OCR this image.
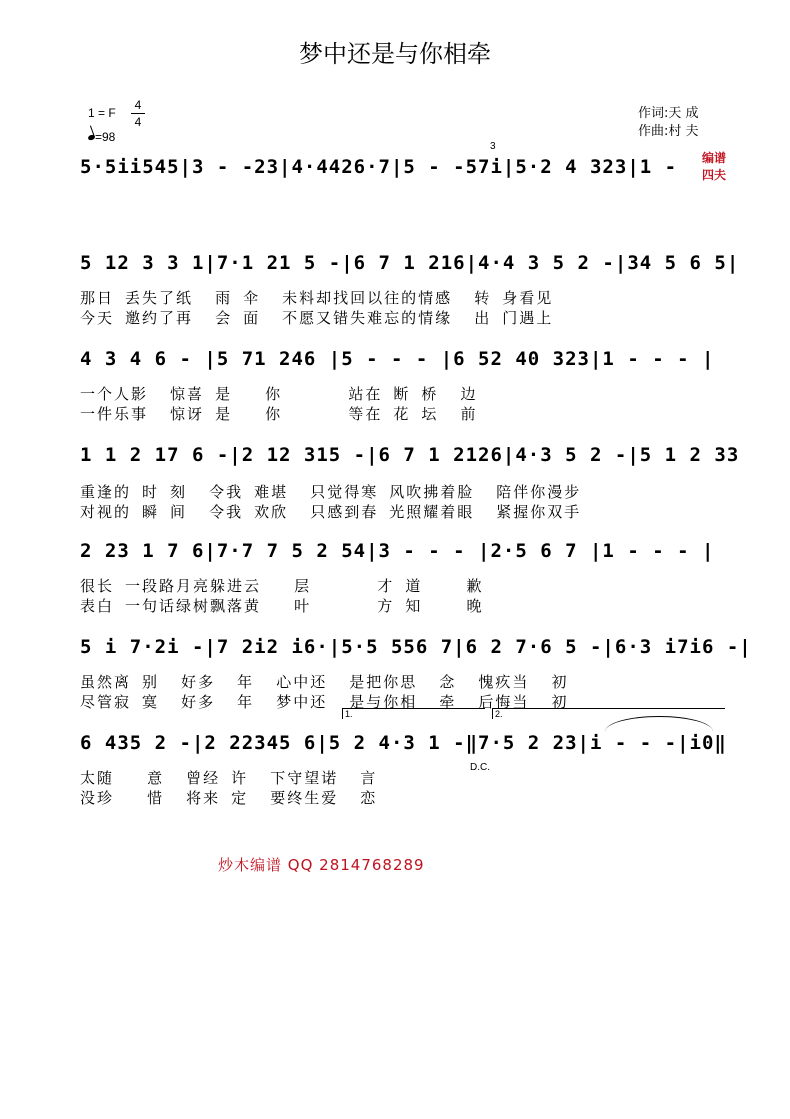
梦中还是与你相牵
1 = F
4
4
=98
作词:天 成
作曲:村 夫
编谱 四夫
3
5·5ii545|3 - -23|4·4426·7|5 - -57i|5·2 4 323|1 -
5 12 3 3 1|7·1 21 5 -|6 7 1 216|4·4 3 5 2 -|34 5 6 5|
那日 丢失了纸  雨 伞  未料却找回以往的情感  转 身看见
今天 邀约了再  会 面  不愿又错失难忘的情缘  出 门遇上
4 3 4 6 - |5 71 246 |5 - - - |6 52 40 323|1 - - - |
一个人影  惊喜 是   你      站在 断 桥  边
一件乐事  惊讶 是   你      等在 花 坛  前
1 1 2 17 6 -|2 12 315 -|6 7 1 2126|4·3 5 2 -|5 1 2 33
重逢的 时 刻  令我 难堪  只觉得寒 风吹拂着脸  陪伴你漫步
对视的 瞬 间  令我 欢欣  只感到春 光照耀着眼  紧握你双手
2 23 1 7 6|7·7 7 5 2 54|3 - - - |2·5 6 7 |1 - - - |
很长 一段路月亮躲进云   层      才 道    歉
表白 一句话绿树飘落黄   叶      方 知    晚
5 i 7·2i -|7 2i2 i6·|5·5 556 7|6 2 7·6 5 -|6·3 i7i6 -|
虽然离 别  好多  年  心中还  是把你思  念  愧疚当  初
尽管寂 寞  好多  年  梦中还  是与你相  牵  后悔当  初
1.	2.
6 435 2 -|2 22345 6|5 2 4·3 1 -‖7·5 2 23|i - - -|i0‖
D.C.
太随   意  曾经 许  下守望诺  言
没珍   惜  将来 定  要终生爱  恋
炒木编谱 QQ 2814768289
